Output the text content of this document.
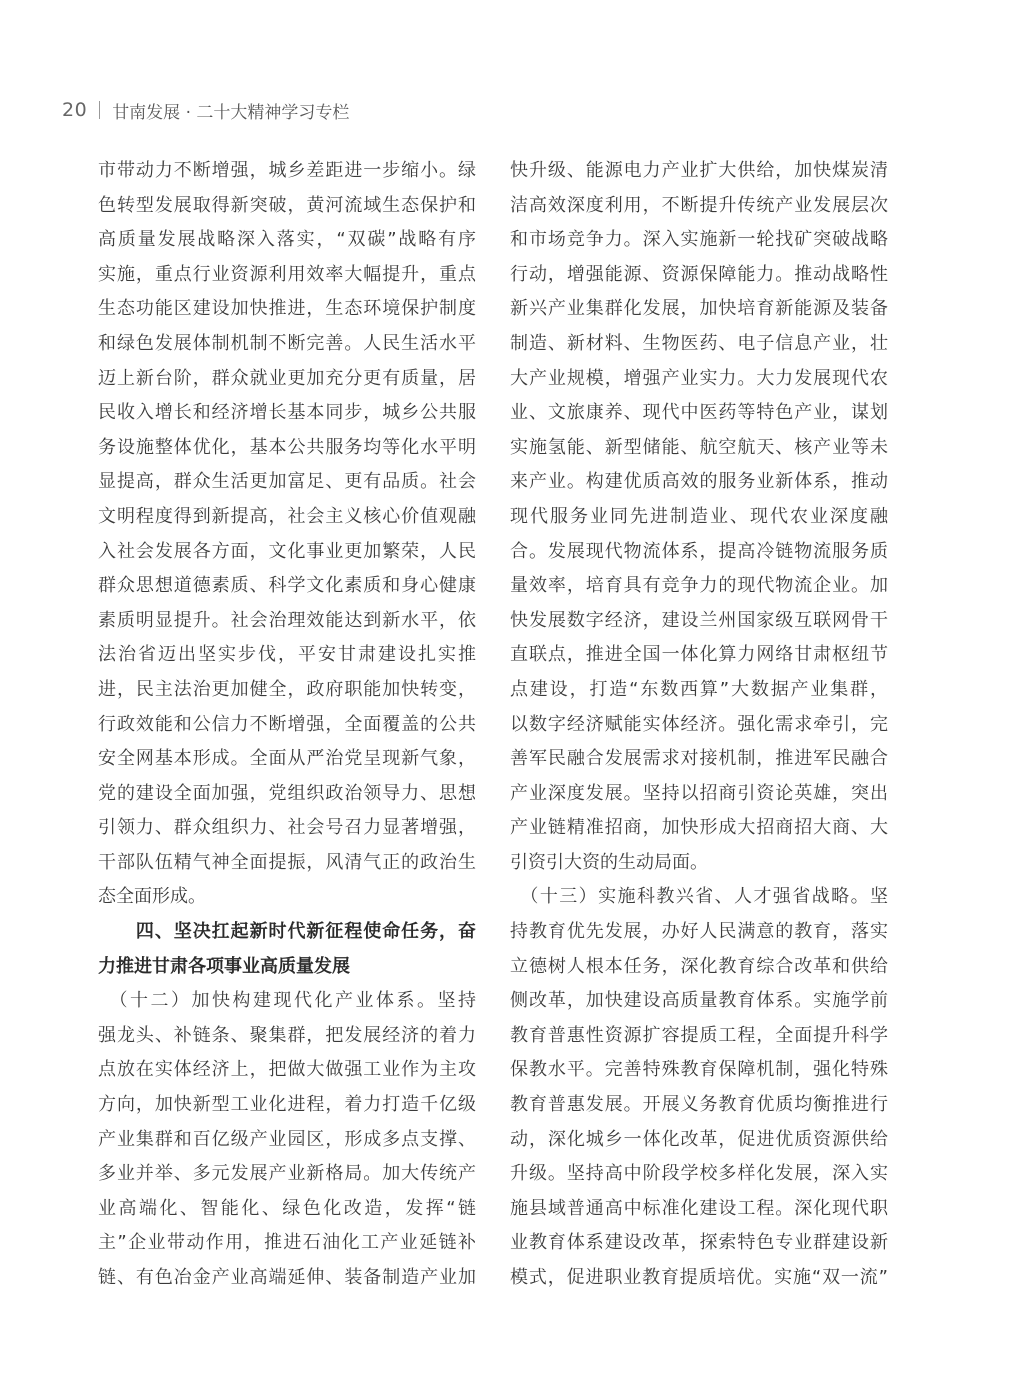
20 甘南发展 · 二十大精神学习专栏
市带动力不断增强，城乡差距进一步缩小。绿
色转型发展取得新突破，黄河流域生态保护和
高质量发展战略深入落实，“双碳”战略有序
实施，重点行业资源利用效率大幅提升，重点
生态功能区建设加快推进，生态环境保护制度
和绿色发展体制机制不断完善。人民生活水平
迈上新台阶，群众就业更加充分更有质量，居
民收入增长和经济增长基本同步，城乡公共服
务设施整体优化，基本公共服务均等化水平明
显提高，群众生活更加富足、更有品质。社会
文明程度得到新提高，社会主义核心价值观融
入社会发展各方面，文化事业更加繁荣，人民
群众思想道德素质、科学文化素质和身心健康
素质明显提升。社会治理效能达到新水平，依
法治省迈出坚实步伐，平安甘肃建设扎实推
进，民主法治更加健全，政府职能加快转变，
行政效能和公信力不断增强，全面覆盖的公共
安全网基本形成。全面从严治党呈现新气象，
党的建设全面加强，党组织政治领导力、思想
引领力、群众组织力、社会号召力显著增强，
干部队伍精气神全面提振，风清气正的政治生
态全面形成。
　　四、坚决扛起新时代新征程使命任务，奋
力推进甘肃各项事业高质量发展
　（十二）加快构建现代化产业体系。坚持
强龙头、补链条、聚集群，把发展经济的着力
点放在实体经济上，把做大做强工业作为主攻
方向，加快新型工业化进程，着力打造千亿级
产业集群和百亿级产业园区，形成多点支撑、
多业并举、多元发展产业新格局。加大传统产
业高端化、智能化、绿色化改造，发挥“链
主”企业带动作用，推进石油化工产业延链补
链、有色冶金产业高端延伸、装备制造产业加
快升级、能源电力产业扩大供给，加快煤炭清
洁高效深度利用，不断提升传统产业发展层次
和市场竞争力。深入实施新一轮找矿突破战略
行动，增强能源、资源保障能力。推动战略性
新兴产业集群化发展，加快培育新能源及装备
制造、新材料、生物医药、电子信息产业，壮
大产业规模，增强产业实力。大力发展现代农
业、文旅康养、现代中医药等特色产业，谋划
实施氢能、新型储能、航空航天、核产业等未
来产业。构建优质高效的服务业新体系，推动
现代服务业同先进制造业、现代农业深度融
合。发展现代物流体系，提高冷链物流服务质
量效率，培育具有竞争力的现代物流企业。加
快发展数字经济，建设兰州国家级互联网骨干
直联点，推进全国一体化算力网络甘肃枢纽节
点建设，打造“东数西算”大数据产业集群，
以数字经济赋能实体经济。强化需求牵引，完
善军民融合发展需求对接机制，推进军民融合
产业深度发展。坚持以招商引资论英雄，突出
产业链精准招商，加快形成大招商招大商、大
引资引大资的生动局面。
　（十三）实施科教兴省、人才强省战略。坚
持教育优先发展，办好人民满意的教育，落实
立德树人根本任务，深化教育综合改革和供给
侧改革，加快建设高质量教育体系。实施学前
教育普惠性资源扩容提质工程，全面提升科学
保教水平。完善特殊教育保障机制，强化特殊
教育普惠发展。开展义务教育优质均衡推进行
动，深化城乡一体化改革，促进优质资源供给
升级。坚持高中阶段学校多样化发展，深入实
施县域普通高中标准化建设工程。深化现代职
业教育体系建设改革，探索特色专业群建设新
模式，促进职业教育提质培优。实施“双一流”
